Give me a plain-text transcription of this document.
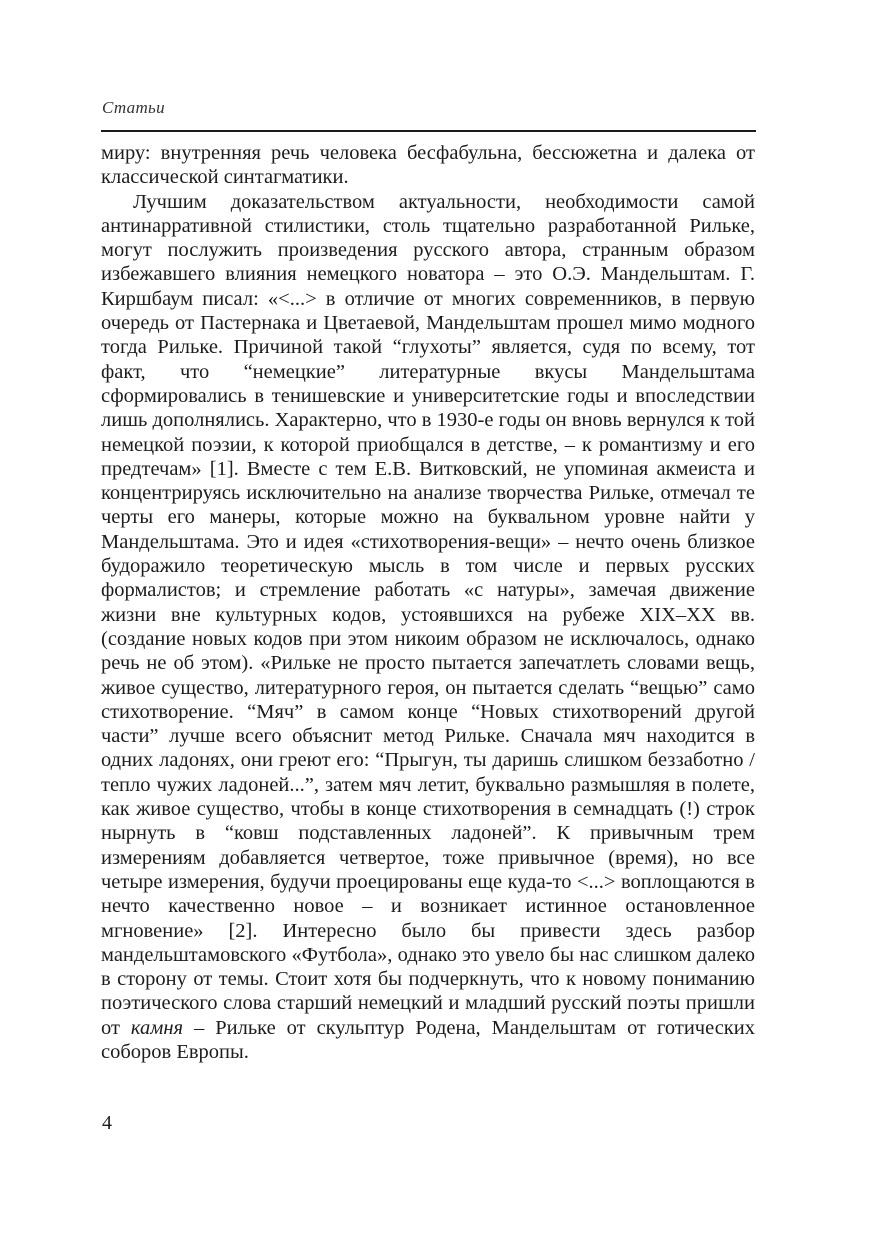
Статьи

миру: внутренняя речь человека бесфабульна, бессюжетна и далека от классической синтагматики.

Лучшим доказательством актуальности, необходимости самой антинарративной стилистики, столь тщательно разработанной Рильке, могут послужить произведения русского автора, странным образом избежавшего влияния немецкого новатора – это О.Э. Мандельштам. Г. Киршбаум писал: «<...> в отличие от многих современников, в первую очередь от Пастернака и Цветаевой, Мандельштам прошел мимо модного тогда Рильке. Причиной такой “глухоты” является, судя по всему, тот факт, что “немецкие” литературные вкусы Мандельштама сформировались в тенишевские и университетские годы и впоследствии лишь дополнялись. Характерно, что в 1930-е годы он вновь вернулся к той немецкой поэзии, к которой приобщался в детстве, – к романтизму и его предтечам» [1]. Вместе с тем Е.В. Витковский, не упоминая акмеиста и концентрируясь исключительно на анализе творчества Рильке, отмечал те черты его манеры, которые можно на буквальном уровне найти у Мандельштама. Это и идея «стихотворения-вещи» – нечто очень близкое будоражило теоретическую мысль в том числе и первых русских формалистов; и стремление работать «с натуры», замечая движение жизни вне культурных кодов, устоявшихся на рубеже XIX–XX вв. (создание новых кодов при этом никоим образом не исключалось, однако речь не об этом). «Рильке не просто пытается запечатлеть словами вещь, живое существо, литературного героя, он пытается сделать “вещью” само стихотворение. “Мяч” в самом конце “Новых стихотворений другой части” лучше всего объяснит метод Рильке. Сначала мяч находится в одних ладонях, они греют его: “Прыгун, ты даришь слишком беззаботно / тепло чужих ладоней...”, затем мяч летит, буквально размышляя в полете, как живое существо, чтобы в конце стихотворения в семнадцать (!) строк нырнуть в “ковш подставленных ладоней”. К привычным трем измерениям добавляется четвертое, тоже привычное (время), но все четыре измерения, будучи проецированы еще куда-то <...> воплощаются в нечто качественно новое – и возникает истинное остановленное мгновение» [2]. Интересно было бы привести здесь разбор мандельштамовского «Футбола», однако это увело бы нас слишком далеко в сторону от темы. Стоит хотя бы подчеркнуть, что к новому пониманию поэтического слова старший немецкий и младший русский поэты пришли от камня – Рильке от скульптур Родена, Мандельштам от готических соборов Европы.

4
